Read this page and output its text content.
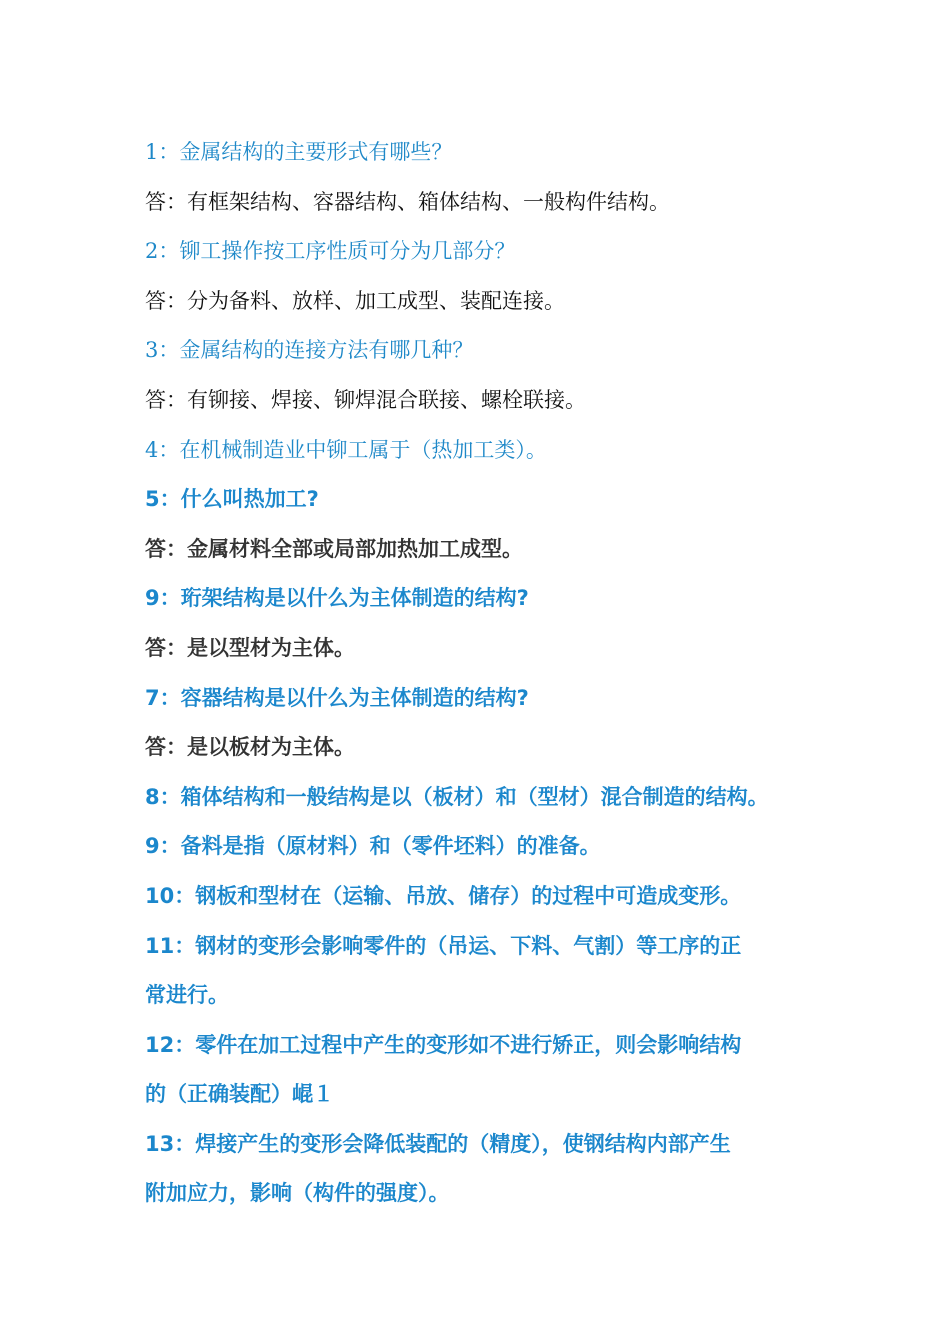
1：金属结构的主要形式有哪些？

答：有框架结构、容器结构、箱体结构、一般构件结构。

2：铆工操作按工序性质可分为几部分？

答：分为备料、放样、加工成型、装配连接。

3：金属结构的连接方法有哪几种？

答：有铆接、焊接、铆焊混合联接、螺栓联接。

4：在机械制造业中铆工属于（热加工类）。

5：什么叫热加工?

答：金属材料全部或局部加热加工成型。

9：珩架结构是以什么为主体制造的结构?

答：是以型材为主体。

7：容器结构是以什么为主体制造的结构?

答：是以板材为主体。

8：箱体结构和一般结构是以（板材）和（型材）混合制造的结构。

9：备料是指（原材料）和（零件坯料）的准备。

10：钢板和型材在（运输、吊放、储存）的过程中可造成变形。

11：钢材的变形会影响零件的（吊运、下料、气割）等工序的正

常进行。

12：零件在加工过程中产生的变形如不进行矫正，则会影响结构

的（正确装配）崐１

13：焊接产生的变形会降低装配的（精度），使钢结构内部产生

附加应力，影响（构件的强度）。
